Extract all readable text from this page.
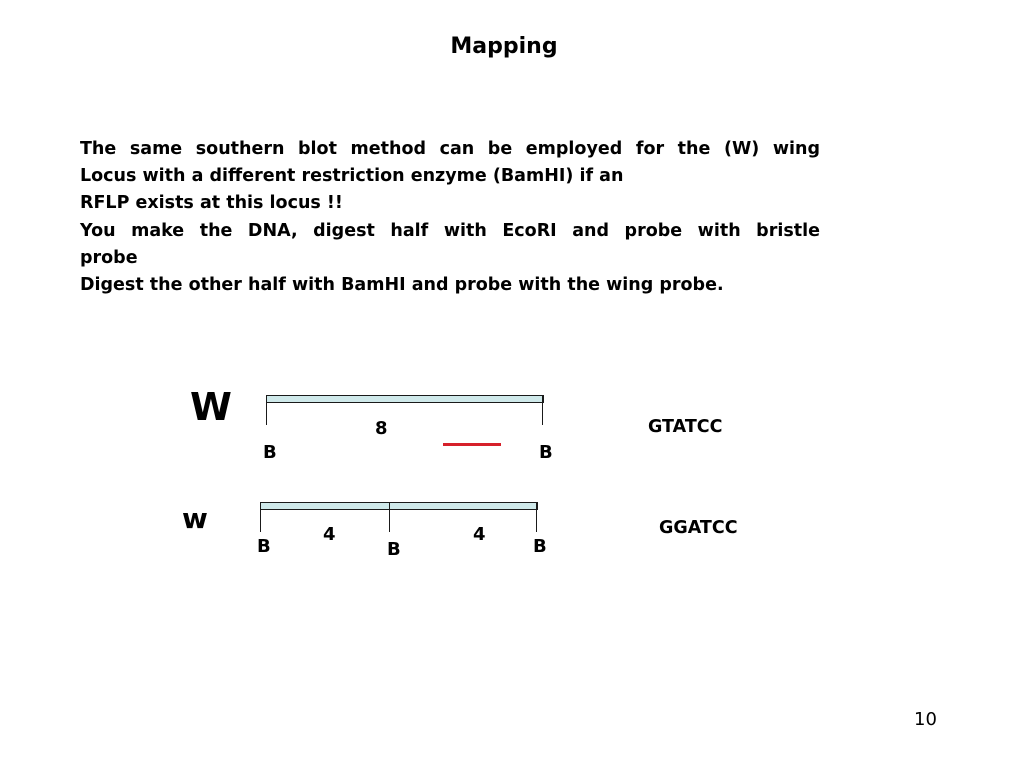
Mapping
The same southern blot method can be employed for the (W) wing
Locus with a different restriction enzyme (BamHI) if an
RFLP exists at this locus !!
You make the DNA, digest half with EcoRI and probe with bristle
probe
Digest the other half with BamHI and probe with the wing probe.
W	8
B	B
GTATCC
w	4	4
B	B	B
GGATCC
10
